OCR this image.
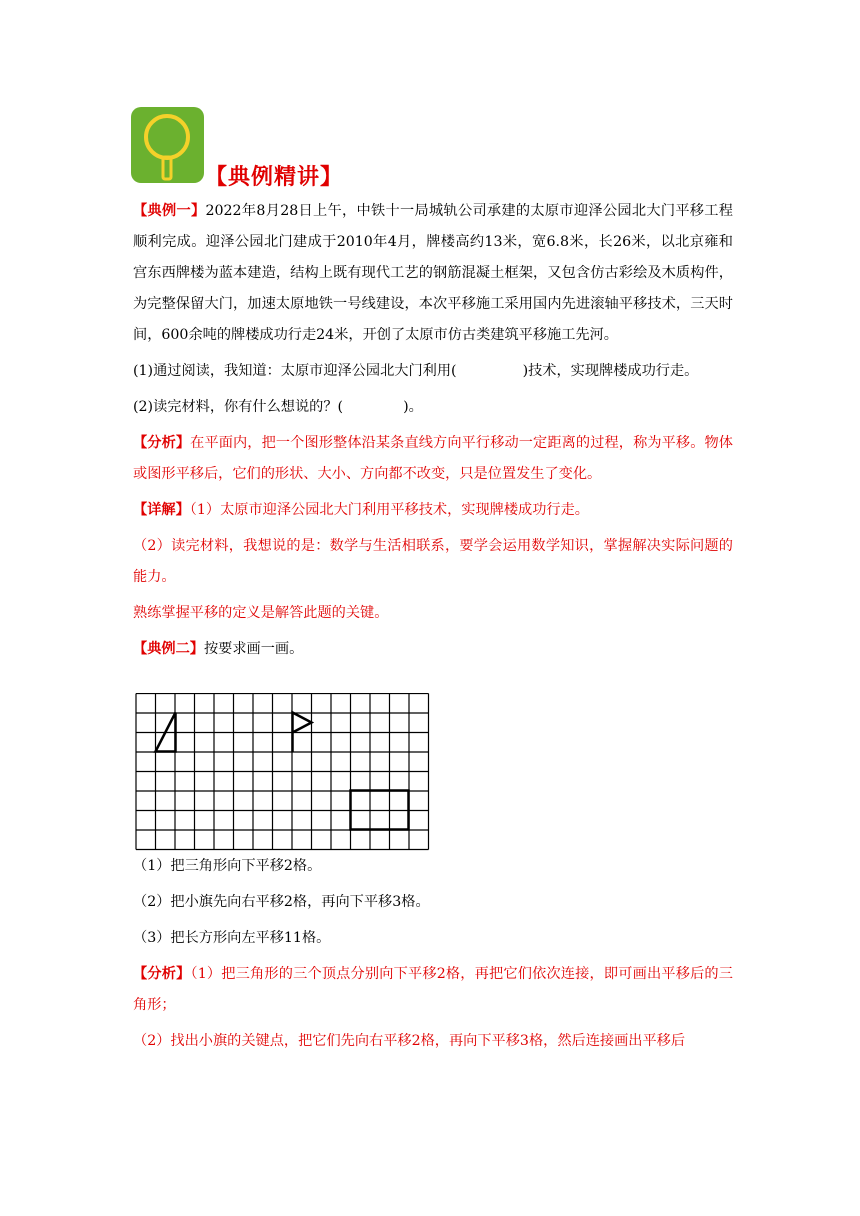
【典例精讲】

【典例一】2022年8月28日上午，中铁十一局城轨公司承建的太原市迎泽公园北大门平移工程顺利完成。迎泽公园北门建成于2010年4月，牌楼高约13米，宽6.8米，长26米，以北京雍和宫东西牌楼为蓝本建造，结构上既有现代工艺的钢筋混凝土框架，又包含仿古彩绘及木质构件，为完整保留大门，加速太原地铁一号线建设，本次平移施工采用国内先进滚轴平移技术，三天时间，600余吨的牌楼成功行走24米，开创了太原市仿古类建筑平移施工先河。

(1)通过阅读，我知道：太原市迎泽公园北大门利用(	)技术，实现牌楼成功行走。

(2)读完材料，你有什么想说的？(	)。

【分析】在平面内，把一个图形整体沿某条直线方向平行移动一定距离的过程，称为平移。物体或图形平移后，它们的形状、大小、方向都不改变，只是位置发生了变化。

【详解】（1）太原市迎泽公园北大门利用平移技术，实现牌楼成功行走。

（2）读完材料，我想说的是：数学与生活相联系，要学会运用数学知识，掌握解决实际问题的能力。

熟练掌握平移的定义是解答此题的关键。

【典例二】按要求画一画。

（1）把三角形向下平移2格。

（2）把小旗先向右平移2格，再向下平移3格。

（3）把长方形向左平移11格。

【分析】（1）把三角形的三个顶点分别向下平移2格，再把它们依次连接，即可画出平移后的三角形；

（2）找出小旗的关键点，把它们先向右平移2格，再向下平移3格，然后连接画出平移后
